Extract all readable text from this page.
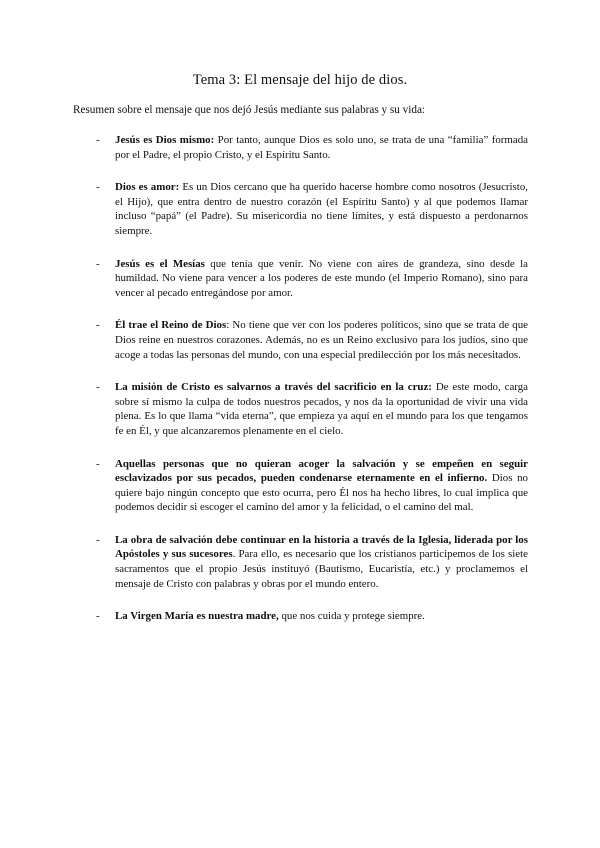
Tema 3: El mensaje del hijo de dios.
Resumen sobre el mensaje que nos dejó Jesús mediante sus palabras y su vida:
- Jesús es Dios mismo: Por tanto, aunque Dios es solo uno, se trata de una “familia” formada por el Padre, el propio Cristo, y el Espíritu Santo.
- Dios es amor: Es un Dios cercano que ha querido hacerse hombre como nosotros (Jesucristo, el Hijo), que entra dentro de nuestro corazón (el Espíritu Santo) y al que podemos llamar incluso “papá” (el Padre). Su misericordia no tiene límites, y está dispuesto a perdonarnos siempre.
- Jesús es el Mesías que tenía que venir. No viene con aires de grandeza, sino desde la humildad. No viene para vencer a los poderes de este mundo (el Imperio Romano), sino para vencer al pecado entregándose por amor.
- Él trae el Reino de Dios: No tiene que ver con los poderes políticos, sino que se trata de que Dios reine en nuestros corazones. Además, no es un Reino exclusivo para los judíos, sino que acoge a todas las personas del mundo, con una especial predilección por los más necesitados.
- La misión de Cristo es salvarnos a través del sacrificio en la cruz: De este modo, carga sobre sí mismo la culpa de todos nuestros pecados, y nos da la oportunidad de vivir una vida plena. Es lo que llama “vida eterna”, que empieza ya aquí en el mundo para los que tengamos fe en Él, y que alcanzaremos plenamente en el cielo.
- Aquellas personas que no quieran acoger la salvación y se empeñen en seguir esclavizados por sus pecados, pueden condenarse eternamente en el infierno. Dios no quiere bajo ningún concepto que esto ocurra, pero Él nos ha hecho libres, lo cual implica que podemos decidir si escoger el camino del amor y la felicidad, o el camino del mal.
- La obra de salvación debe continuar en la historia a través de la Iglesia, liderada por los Apóstoles y sus sucesores. Para ello, es necesario que los cristianos participemos de los siete sacramentos que el propio Jesús instituyó (Bautismo, Eucaristía, etc.) y proclamemos el mensaje de Cristo con palabras y obras por el mundo entero.
- La Virgen María es nuestra madre, que nos cuida y protege siempre.
